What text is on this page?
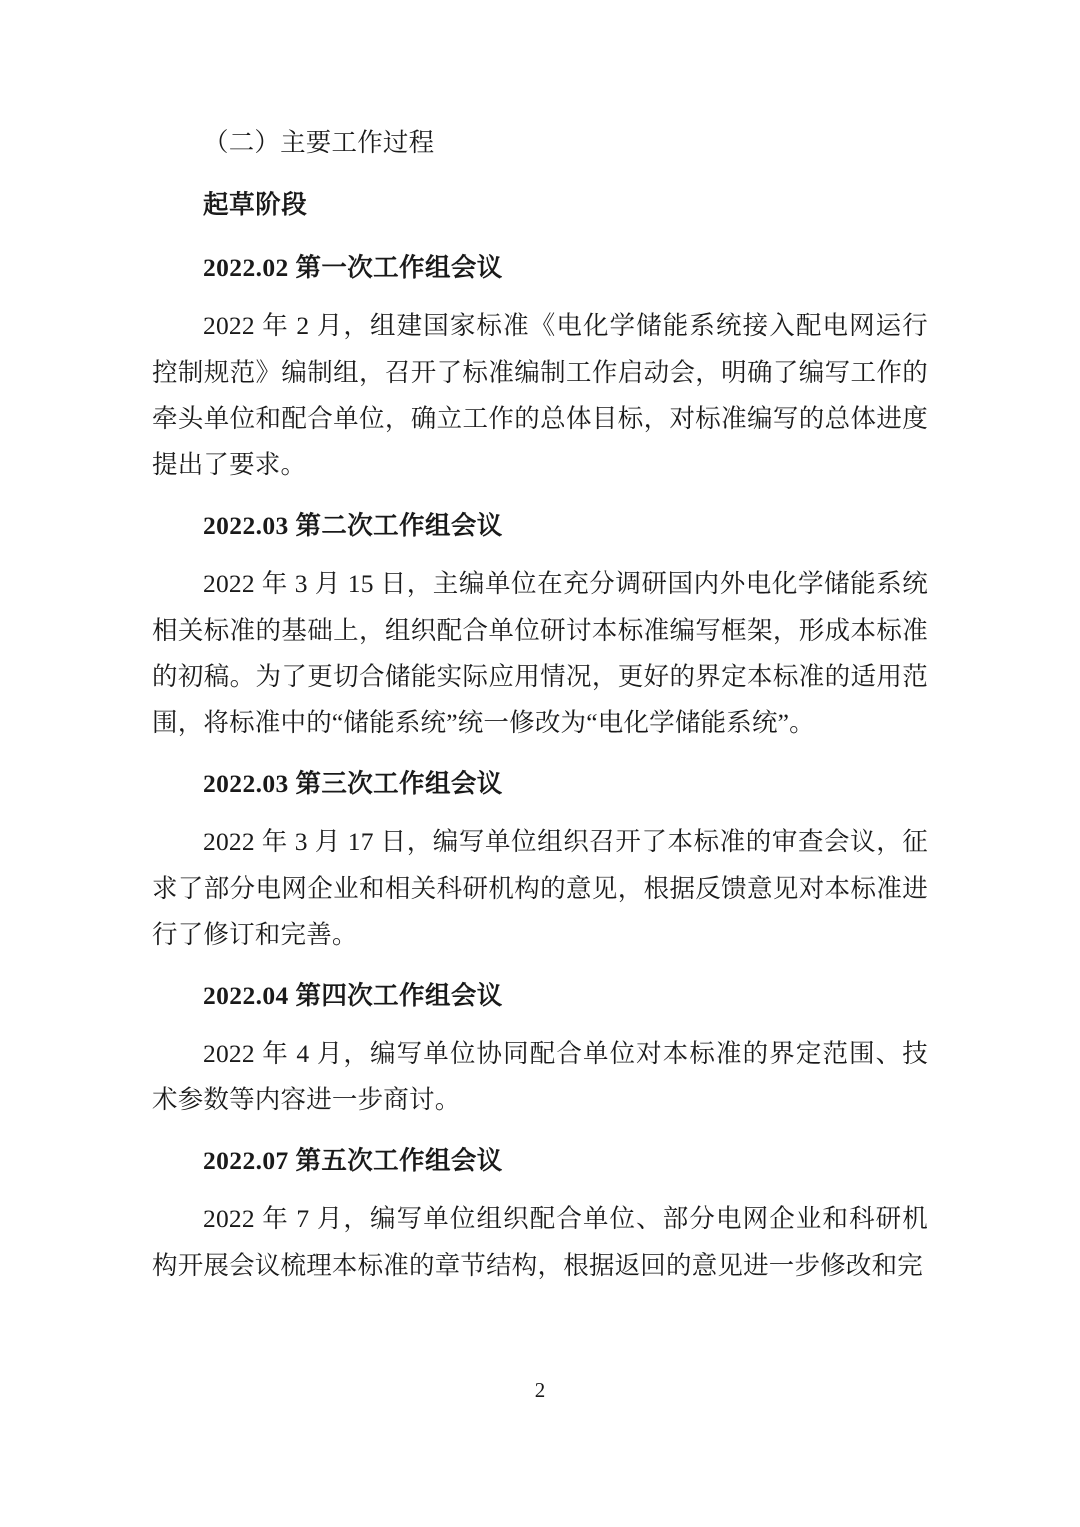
（二）主要工作过程

起草阶段

2022.02 第一次工作组会议

2022 年 2 月，组建国家标准《电化学储能系统接入配电网运行控制规范》编制组，召开了标准编制工作启动会，明确了编写工作的牵头单位和配合单位，确立工作的总体目标，对标准编写的总体进度提出了要求。

2022.03 第二次工作组会议

2022 年 3 月 15 日，主编单位在充分调研国内外电化学储能系统相关标准的基础上，组织配合单位研讨本标准编写框架，形成本标准的初稿。为了更切合储能实际应用情况，更好的界定本标准的适用范围，将标准中的“储能系统”统一修改为“电化学储能系统”。

2022.03 第三次工作组会议

2022 年 3 月 17 日，编写单位组织召开了本标准的审查会议，征求了部分电网企业和相关科研机构的意见，根据反馈意见对本标准进行了修订和完善。

2022.04 第四次工作组会议

2022 年 4 月，编写单位协同配合单位对本标准的界定范围、技术参数等内容进一步商讨。

2022.07 第五次工作组会议

2022 年 7 月，编写单位组织配合单位、部分电网企业和科研机构开展会议梳理本标准的章节结构，根据返回的意见进一步修改和完

2
